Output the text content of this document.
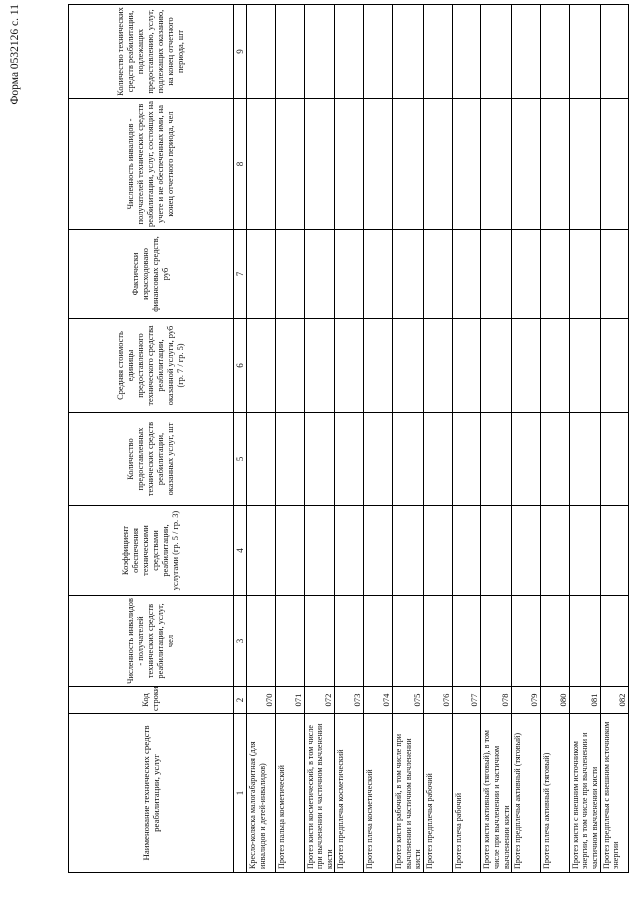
Форма 0532126 с. 11
Наименование технических средств реабилитации, услуг	Код строки	Численность инвалидов - получателей технических средств реабилитации, услуг, чел	Коэффициент обеспечения техническими средствами реабилитации, услугами (гр. 5 / гр. 3)	Количество предоставленных технических средств реабилитации, оказанных услуг, шт	Средняя стоимость единицы предоставленного технического средства реабилитации, оказанной услуги, руб (гр. 7 / гр. 5)	Фактически израсходовано финансовых средств, руб	Численность инвалидов - получателей технических средств реабилитации, услуг, состоящих на учете и не обеспеченных ими, на конец отчетного периода, чел	Количество технических средств реабилитации, подлежащих предоставлению, услуг, подлежащих оказанию, на конец отчетного периода, шт
1	2	3	4	5	6	7	8	9
Кресло-коляска малогабаритная (для инвалидов и детей-инвалидов)	070							
Протез пальца косметический	071							
Протез кисти косметический, в том числе при вычленении и частичном вычленении кисти	072							
Протез предплечья косметический	073							
Протез плеча косметический	074							
Протез кисти рабочий, в том числе при вычленении и частичном вычленении кисти	075							
Протез предплечья рабочий	076							
Протез плеча рабочий	077							
Протез кисти активный (тяговый), в том числе при вычленении и частичном вычленении кисти	078							
Протез предплечья активный (тяговый)	079							
Протез плеча активный (тяговый)	080							
Протез кисти с внешним источником энергии, в том числе при вычленении и частичном вычленении кисти	081							
Протез предплечья с внешним источником энергии	082							
